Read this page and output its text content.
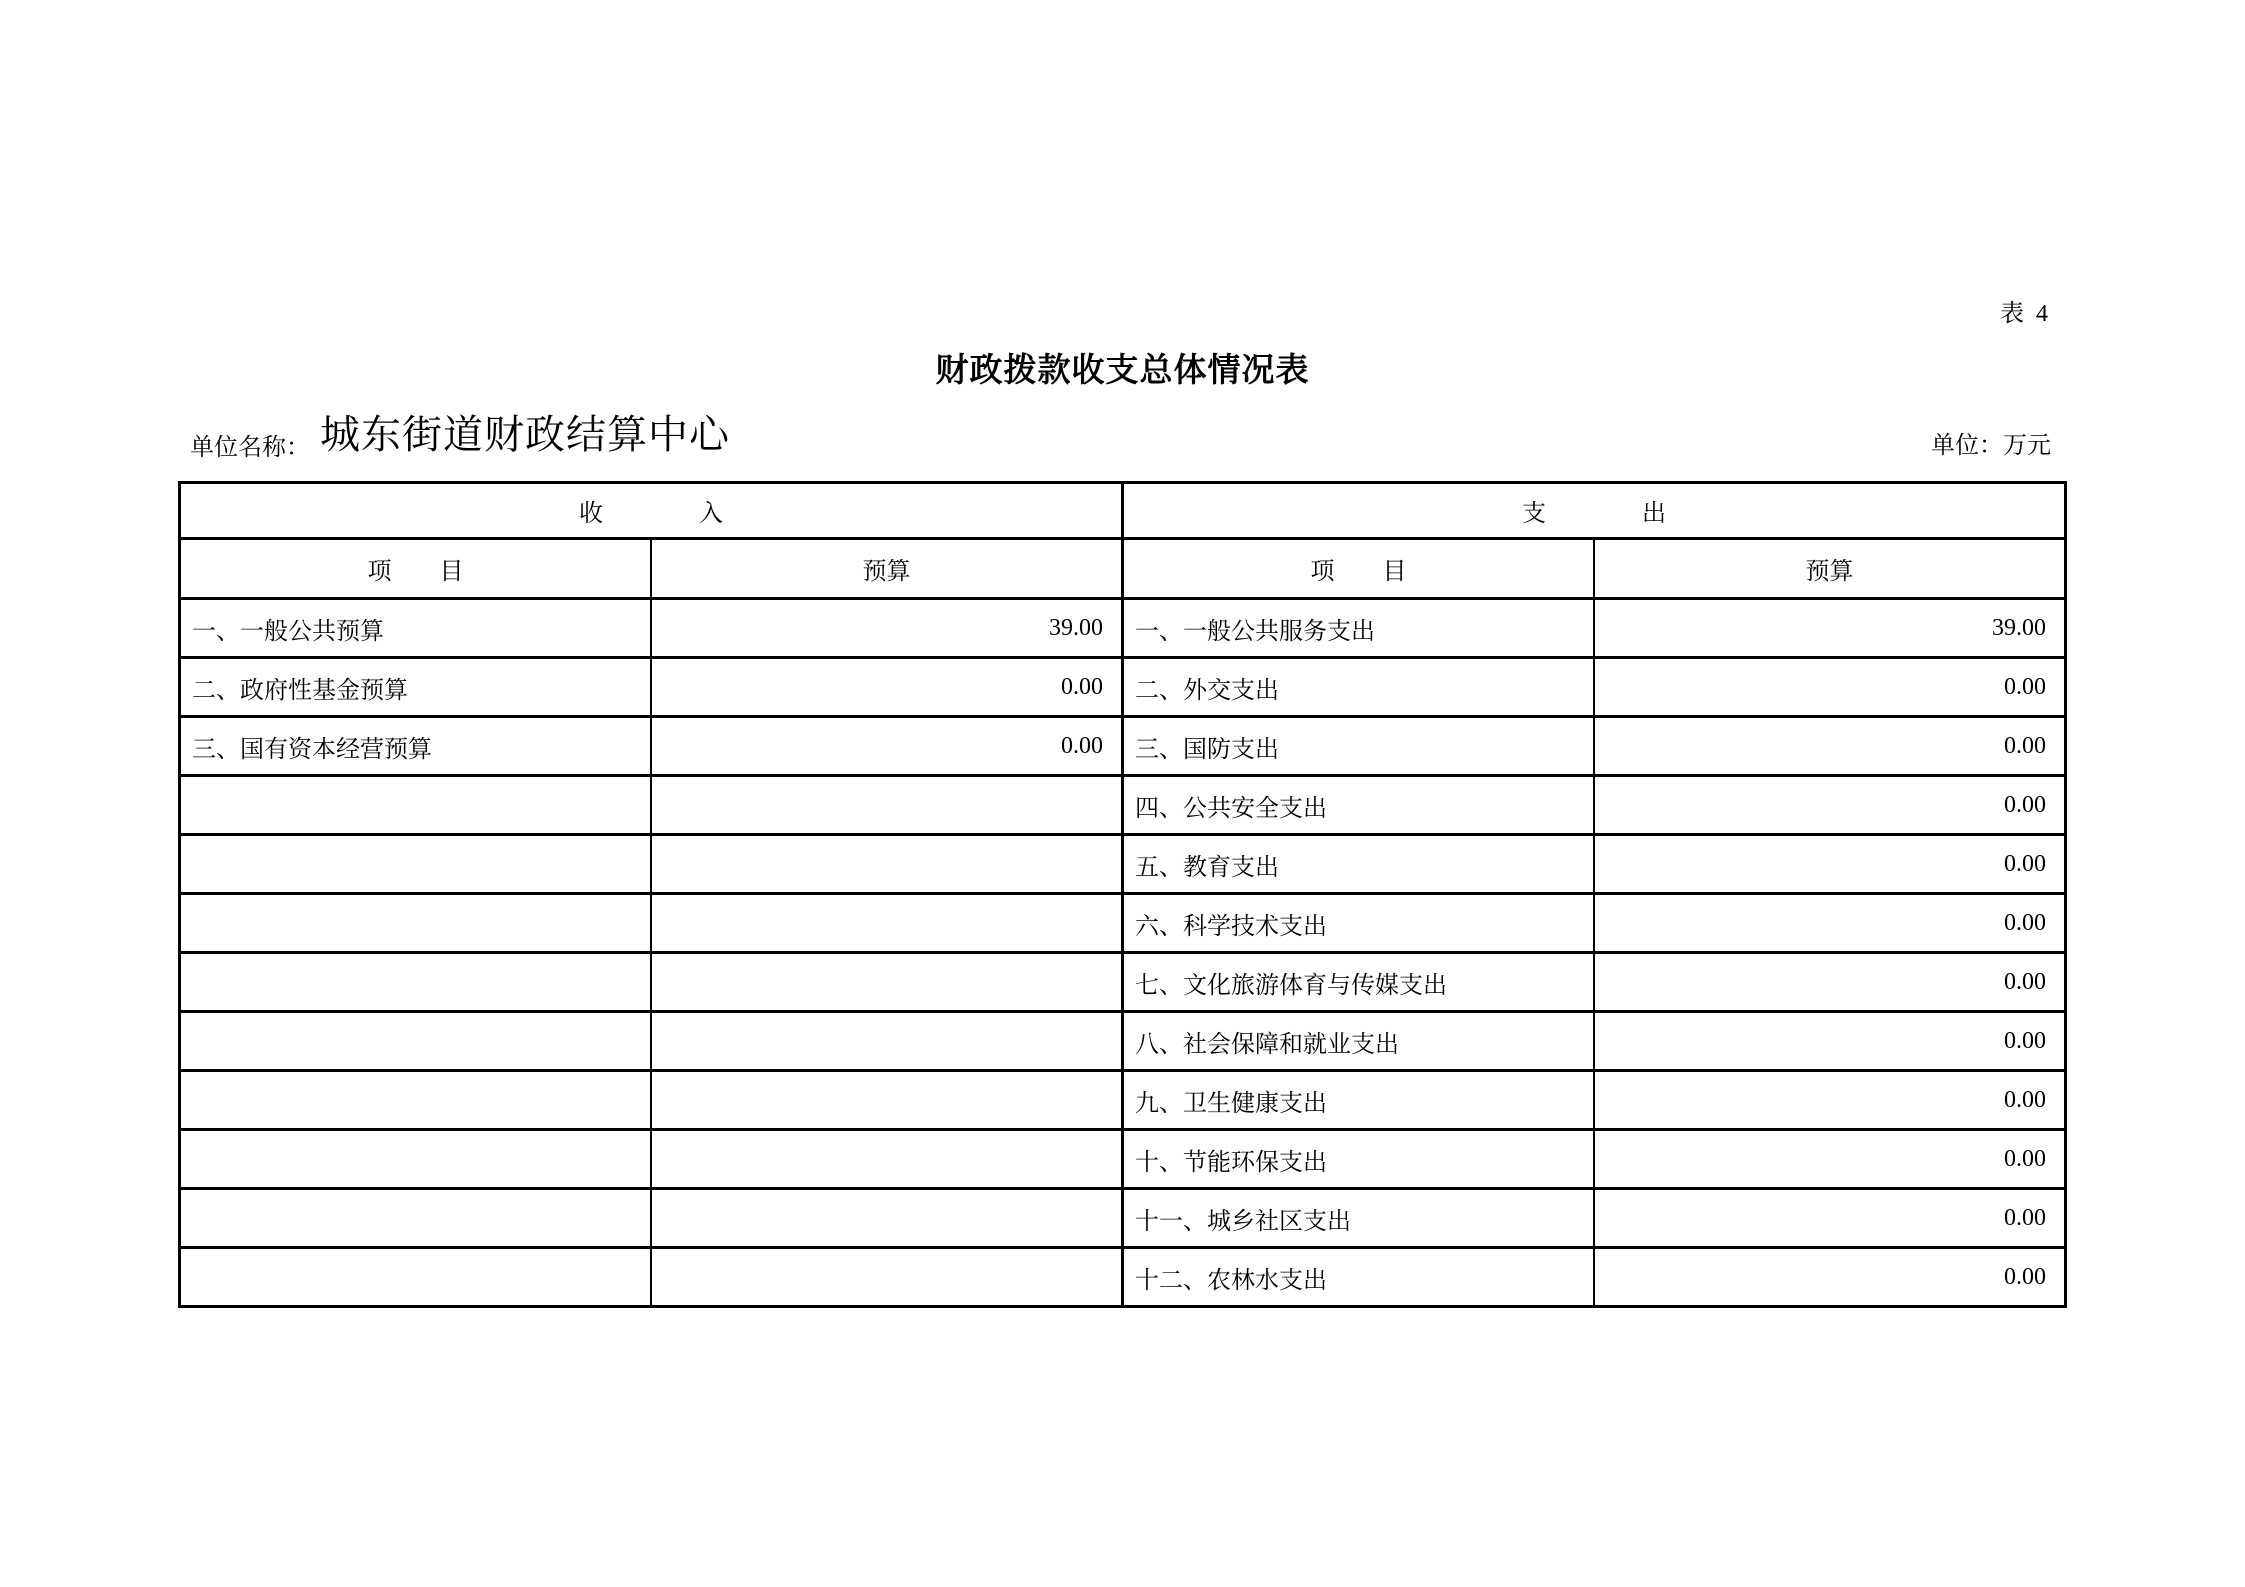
表 4
财政拨款收支总体情况表
单位名称： 城东街道财政结算中心	单位：万元
收　　　　入		支　　　　出	
项　　目	预算	项　　目	预算
一、一般公共预算	39.00	一、一般公共服务支出	39.00
二、政府性基金预算	0.00	二、外交支出	0.00
三、国有资本经营预算	0.00	三、国防支出	0.00
		四、公共安全支出	0.00
		五、教育支出	0.00
		六、科学技术支出	0.00
		七、文化旅游体育与传媒支出	0.00
		八、社会保障和就业支出	0.00
		九、卫生健康支出	0.00
		十、节能环保支出	0.00
		十一、城乡社区支出	0.00
		十二、农林水支出	0.00
